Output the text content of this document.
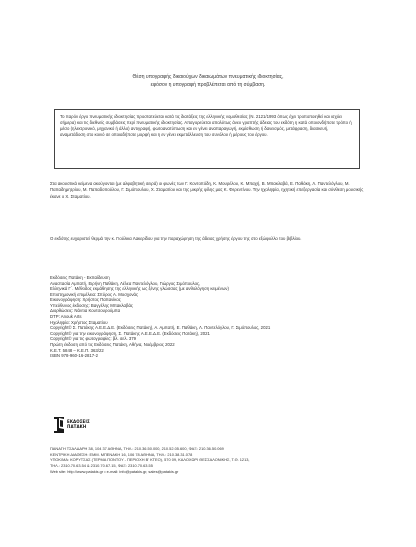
Θέση υπογραφής δικαιούχων δικαιωμάτων πνευματικής ιδιοκτησίας,
εφόσον η υπογραφή προβλέπεται από τη σύμβαση.

Το παρόν έργο πνευματικής ιδιοκτησίας προστατεύεται κατά τις διατάξεις της ελληνικής νομοθεσίας (Ν. 2121/1993 όπως έχει τροποποιηθεί και ισχύει σήμερα) και τις διεθνείς συμβάσεις περί πνευματικής ιδιοκτησίας. Απαγορεύεται απολύτως άνευ γραπτής άδειας του εκδότη η κατά οποιονδήποτε τρόπο ή μέσο (ηλεκτρονικό, μηχανικό ή άλλο) αντιγραφή, φωτοανατύπωση και εν γένει αναπαραγωγή, εκμίσθωση ή δανεισμός, μετάφραση, διασκευή, αναμετάδοση στο κοινό σε οποιαδήποτε μορφή και η εν γένει εκμετάλλευση του συνόλου ή μέρους του έργου.

Στα ακουστικά κείμενα ακούγονται (με αλφαβητική σειρά) οι φωνές των Γ. Κοντοπόδη, Κ. Μουρέλου, Κ. Μπαχή, Β. Μπακλαβά, Ε. Παθάκη, Λ. Παντελόγλου, Μ. Παπαδημητρίου, Μ. Παπαδοπούλου, Γ. Σιμόπουλου, Χ. Σταματίου και της μικρής φίλης μας Κ. Φερεντίνου. Την ηχοληψία, ηχητική επεξεργασία και σύνθεση μουσικής έκανε ο Χ. Σταματίου.
Ο εκδότης ευχαριστεί θερμά την κ. Γιούλικα Λακερίδου για την παραχώρηση της άδειας χρήσης έργου της στο εξώφυλλο του βιβλίου.
Εκδόσεις Πατάκη - Εκπαίδευση
Αναστασία Αμπατή, Ειρήνη Παθάκη, Λέλεα Παντελόγλου, Γιώργος Σιμόπουλος,
Ελληνικά Γ΄. Μέθοδος εκμάθησης της ελληνικής ως ξένης γλώσσας (με ανθολόγηση κειμένων)
Επιστημονική επιμέλεια: Σπύρος Α. Μοσχονάς
Εικονογράφηση: Χρήστος Παπανίκος
Υπεύθυνος έκδοσης: Βαγγέλης Μπακλαβάς
Διορθώσεις: Νάντια Κουτσουρούμπα
DTP: Anouk Arts
Ηχοληψία: Χρήστος Σταματίου
Copyright© Σ. Πατάκης Α.Ε.Ε.Δ.Ε. (Εκδόσεις Πατάκη), Α. Αμπατή, Ε. Παθάκη, Λ. Παντελόγλου, Γ. Σιμόπουλος, 2021
Copyright© για την εικονογράφηση, Σ. Πατάκης Α.Ε.Ε.Δ.Ε. (Εκδόσεις Πατάκη), 2021
Copyright© για τις φωτογραφίες: βλ. σελ. 379
Πρώτη έκδοση από τις Εκδόσεις Πατάκη, Αθήνα, Νοέμβριος 2022
Κ.Ε.Τ. 5848 – Κ.Ε.Π. 363/22
ISBN 978-960-16-2817-2
ΕΚΔΟΣΕΙΣ
ΠΑΤΑΚΗ
ΠΑΝΑΓΗ ΤΣΑΛΔΑΡΗ 38, 104 37 ΑΘΗΝΑ, ΤΗΛ.: 210.36.50.000, 210.52.05.600, ΦΑΞ: 210.36.50.069
ΚΕΝΤΡΙΚΗ ΔΙΑΘΕΣΗ: ΕΜΜ. ΜΠΕΝΑΚΗ 16, 106 78 ΑΘΗΝΑ, ΤΗΛ.: 210.38.31.078
ΥΠΟΚ/ΜΑ: ΚΟΡΥΤΣΑΣ (ΤΕΡΜΑ ΠΟΝΤΟΥ - ΠΕΡΙΟΧΗ Β' ΚΤΕΟ), 570 09, ΚΑΛΟΧΩΡΙ ΘΕΣΣΑΛΟΝΙΚΗΣ, Τ.Θ. 1213,
ΤΗΛ.: 2310.70.63.54 & 2310.70.67.15, ΦΑΞ: 2310.70.63.55
Web site: http://www.patakis.gr • e-mail: info@patakis.gr, sales@patakis.gr
